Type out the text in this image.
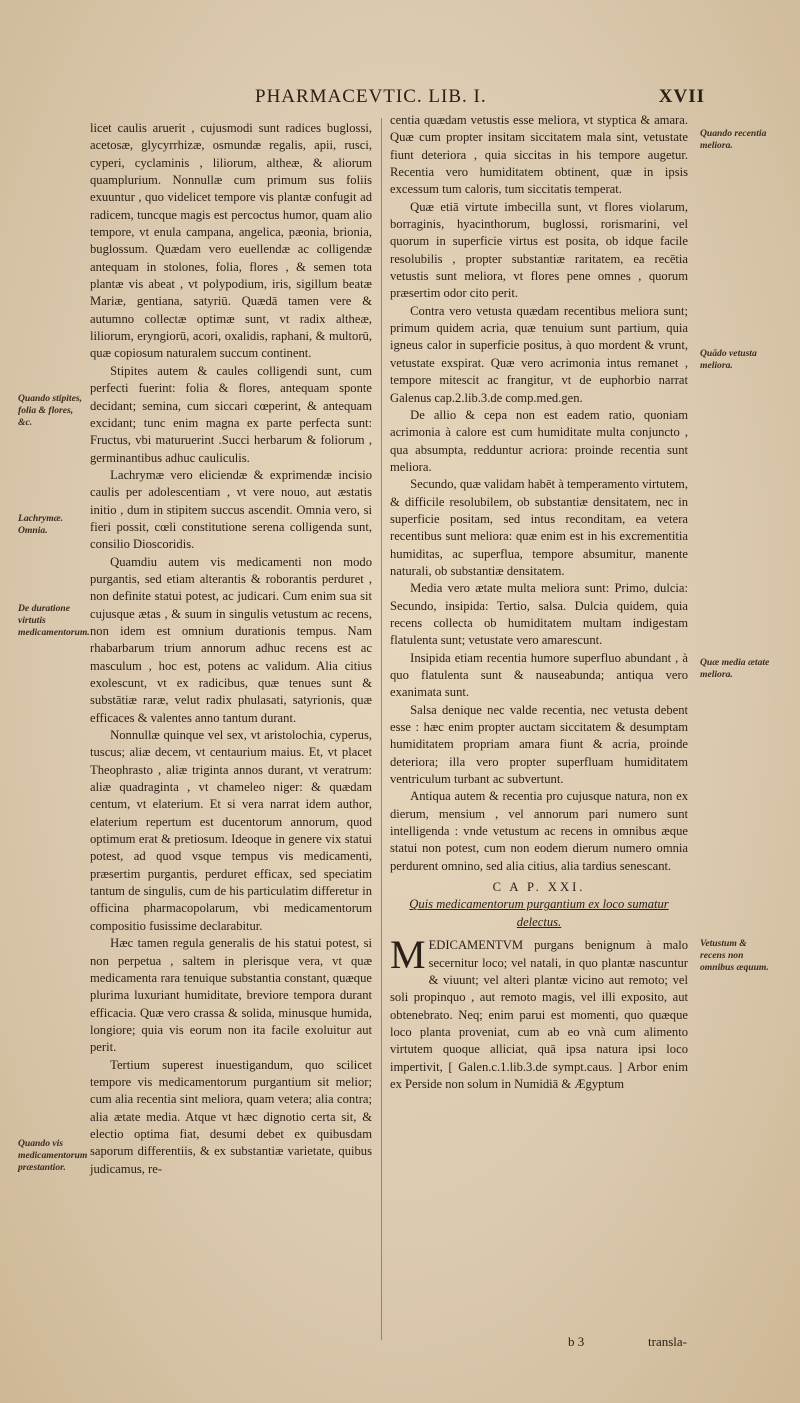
PHARMACEVTIC. LIB. I.	XVII

licet caulis aruerit , cujusmodi sunt radices buglossi, acetosæ, glycyrrhizæ, osmundæ regalis, apii, rusci, cyperi, cyclaminis , liliorum, altheæ, & aliorum quamplurium. Nonnullæ cum primum sus foliis exuuntur , quo videlicet tempore vis plantæ confugit ad radicem, tuncque magis est percoctus humor, quam alio tempore, vt enula campana, angelica, pæonia, brionia, buglossum. Quædam vero euellendæ ac colligendæ antequam in stolones, folia, flores , & semen tota plantæ vis abeat , vt polypodium, iris, sigillum beatæ Mariæ, gentiana, satyriū. Quædā tamen vere & autumno collectæ optimæ sunt, vt radix altheæ, liliorum, eryngiorū, acori, oxalidis, raphani, & multorū, quæ copiosum naturalem succum continent.

Stipites autem & caules colligendi sunt, cum perfecti fuerint: folia & flores, antequam sponte decidant; semina, cum siccari cœperint, & antequam excidant; tunc enim magna ex parte perfecta sunt: Fructus, vbi maturuerint .Succi herbarum & foliorum , germinantibus adhuc cauliculis.

Lachrymæ vero eliciendæ & exprimendæ incisio caulis per adolescentiam , vt vere nouo, aut æstatis initio , dum in stipitem succus ascendit. Omnia vero, si fieri possit, cœli constitutione serena colligenda sunt, consilio Dioscoridis.

Quamdiu autem vis medicamenti non modo purgantis, sed etiam alterantis & roborantis perduret , non definite statui potest, ac judicari. Cum enim sua sit cujusque ætas , & suum in singulis vetustum ac recens, non idem est omnium durationis tempus. Nam rhabarbarum trium annorum adhuc recens est ac masculum , hoc est, potens ac validum. Alia citius exolescunt, vt ex radicibus, quæ tenues sunt & substātiæ raræ, velut radix phulasati, satyrionis, quæ efficaces & valentes anno tantum durant.

Nonnullæ quinque vel sex, vt aristolochia, cyperus, tuscus; aliæ decem, vt centaurium maius. Et, vt placet Theophrasto , aliæ triginta annos durant, vt veratrum: aliæ quadraginta , vt chameleo niger: & quædam centum, vt elaterium. Et si vera narrat idem author, elaterium repertum est ducentorum annorum, quod optimum erat & pretiosum. Ideoque in genere vix statui potest, ad quod vsque tempus vis medicamenti, præsertim purgantis, perduret efficax, sed speciatim tantum de singulis, cum de his particulatim differetur in officina pharmacopolarum, vbi medicamentorum compositio fusissime declarabitur.

Hæc tamen regula generalis de his statui potest, si non perpetua , saltem in plerisque vera, vt quæ medicamenta rara tenuique substantia constant, quæque plurima luxuriant humiditate, breviore tempora durant efficacia. Quæ vero crassa & solida, minusque humida, longiore; quia vis eorum non ita facile exoluitur aut perit.

Tertium superest inuestigandum, quo scilicet tempore vis medicamentorum purgantium sit melior; cum alia recentia sint meliora, quam vetera; alia contra; alia ætate media. Atque vt hæc dignotio certa sit, & electio optima fiat, desumi debet ex quibusdam saporum differentiis, & ex substantiæ varietate, quibus judicamus, re-

centia quædam vetustis esse meliora, vt styptica & amara. Quæ cum propter insitam siccitatem mala sint, vetustate fiunt deteriora , quia siccitas in his tempore augetur. Recentia vero humiditatem obtinent, quæ in ipsis excessum tum caloris, tum siccitatis temperat.

Quæ etiā virtute imbecilla sunt, vt flores violarum, borraginis, hyacinthorum, buglossi, rorismarini, vel quorum in superficie virtus est posita, ob idque facile resolubilis , propter substantiæ raritatem, ea recētia vetustis sunt meliora, vt flores pene omnes , quorum præsertim odor cito perit.

Contra vero vetusta quædam recentibus meliora sunt; primum quidem acria, quæ tenuium sunt partium, quia igneus calor in superficie positus, à quo mordent & vrunt, vetustate exspirat. Quæ vero acrimonia intus remanet , tempore mitescit ac frangitur, vt de euphorbio narrat Galenus cap.2.lib.3.de comp.med.gen.

De allio & cepa non est eadem ratio, quoniam acrimonia à calore est cum humiditate multa conjuncto , qua absumpta, redduntur acriora: proinde recentia sunt meliora.

Secundo, quæ validam habēt à temperamento virtutem, & difficile resolubilem, ob substantiæ densitatem, nec in superficie positam, sed intus reconditam, ea vetera recentibus sunt meliora: quæ enim est in his excrementitia humiditas, ac superflua, tempore absumitur, manente naturali, ob substantiæ densitatem.

Media vero ætate multa meliora sunt: Primo, dulcia: Secundo, insipida: Tertio, salsa. Dulcia quidem, quia recens collecta ob humiditatem multam indigestam flatulenta sunt; vetustate vero amarescunt.

Insipida etiam recentia humore superfluo abundant , à quo flatulenta sunt & nauseabunda; antiqua vero exanimata sunt.

Salsa denique nec valde recentia, nec vetusta debent esse : hæc enim propter auctam siccitatem & desumptam humiditatem propriam amara fiunt & acria, proinde deteriora; illa vero propter superfluam humiditatem ventriculum turbant ac subvertunt.

Antiqua autem & recentia pro cujusque natura, non ex dierum, mensium , vel annorum pari numero sunt intelligenda : vnde vetustum ac recens in omnibus æque statui non potest, cum non eodem dierum numero omnia perdurent omnino, sed alia citius, alia tardius senescant.

C A P. XXI.
Quis medicamentorum purgantium ex loco sumatur delectus.

MEDICAMENTVM purgans benignum à malo secernitur loco; vel natali, in quo plantæ nascuntur & viuunt; vel alteri plantæ vicino aut remoto; vel soli propinquo , aut remoto magis, vel illi exposito, aut obtenebrato. Neq; enim parui est momenti, quo quæque loco planta proveniat, cum ab eo vnà cum alimento virtutem quoque alliciat, quā ipsa natura ipsi loco impertivit, [ Galen.c.1.lib.3.de sympt.caus. ] Arbor enim ex Perside non solum in Numidiā & Ægyptum

Quando stipites, folia & flores, &c.
Lachrymæ. Omnia.
De duratione virtutis medicamentorum.
Quando vis medicamentorum præstantior.
Quando recentia meliora.
Quādo vetusta meliora.
Quæ media ætate meliora.
Vetustum & recens non omnibus æquum.
b 3	transla-
